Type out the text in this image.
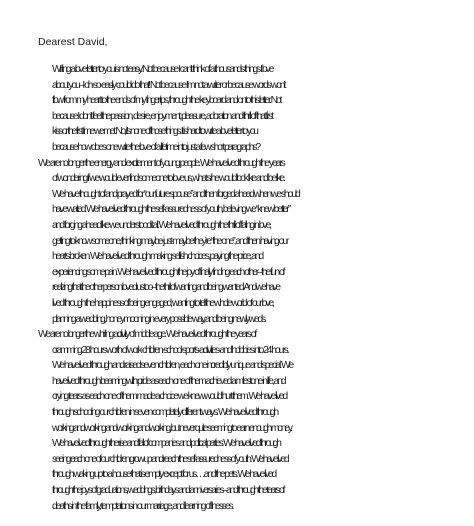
Dearest David,

Writing a love letter to you is not easy. Not because I can’t think of a thousands things I love
about you–I oh-so-easily could do that! Not because I’m not a writer or because words won’t
flow from my heart to the ends of my fingertips, through the keyboard and onto this letter. Not
because I don’t feel the passion, desire, enjoyment, pleasure, adoration and thrill of that first
kiss or the first time we met. No, it’s none of those things. It is hard to write a love letter to you
because how does one write the love of a lifetime into just a few short paragraphs?
We are no longer the energy and excitement of young people. We have lived through the years
of wondering if we would ever find someone to love us, what s/he would look like and be like.
We have thought of and prayed for “our future spouse” and then forged ahead when we should
have waited. We have lived through the self-assuredness of youth, believing we “knew better”
and forging ahead like we understood it all. We have lived through the thrill of falling in love,
getting to know someone, thinking maybe-just-maybe they’re “the one”, and then having our
hearts broken. We have lived through making selfish choices, paying the price, and
experiencing some pain. We have lived through the joy of finally finding each other–the fun of
realizing that the other person loved us too–the thrill of wanting and being wanted. And we have
lived through the happiness of being engaged, wanting to tell the whole world of our love,
planning a wedding, honeymooning in every possible way, and being newlyweds.
We are no longer the whirling activity of middle age. We have lived through the years of
cramming 28 hours worth of work-children-school-sports-activities-and hobbies into 24 hours.
We have lived through and raised seven children, each one incredibly unique and special. We
have lived through beaming with pride as each one of them achieved a milestone in life, and
crying tears as each one of them made a choice we knew would hurt them. We have lived
through schooling our children in seven completely different ways. We have lived through
working and working and working and working, but never quite seeming to earn enough money.
We have lived through the rise and fall of companies and political parties. We have lived through
seeing each one of our children grow up and reach the self-assuredness of youth. We have lived
through waking up to a house that is empty except for us…and the pets. We have lived
through the joys of graduations, weddings, birthdays and anniversaries–and through the tears of
deaths in the family, temptations in our marriage, and learning of illnesses.
